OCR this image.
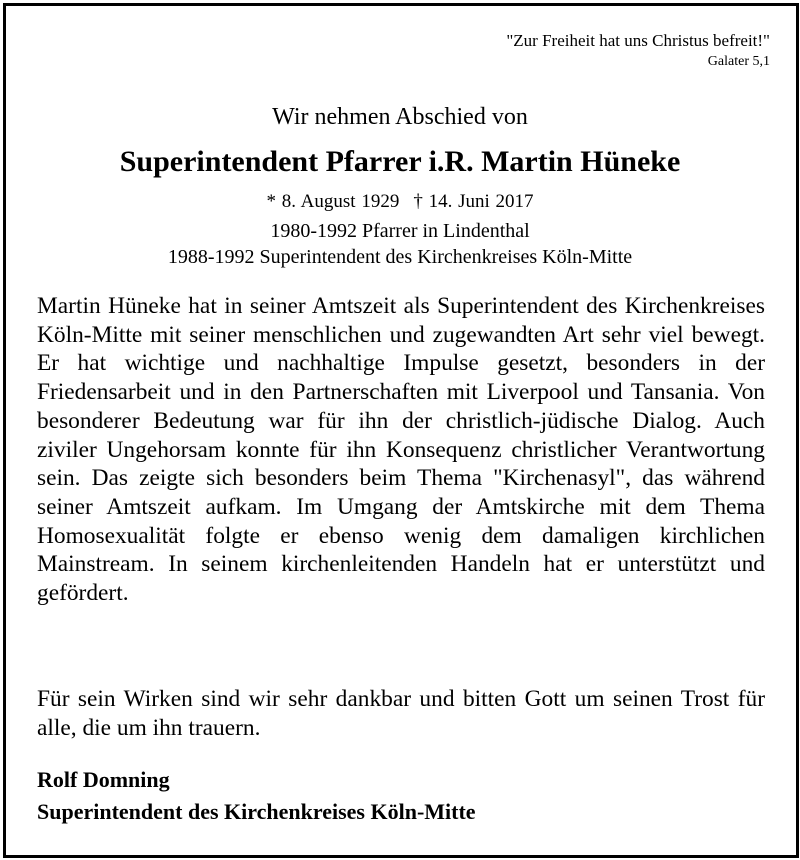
"Zur Freiheit hat uns Christus befreit!"
Galater 5,1
Wir nehmen Abschied von
Superintendent Pfarrer i.R. Martin Hüneke
* 8. August 1929 † 14. Juni 2017
1980-1992 Pfarrer in Lindenthal
1988-1992 Superintendent des Kirchenkreises Köln-Mitte

Martin Hüneke hat in seiner Amtszeit als Superintendent des Kirchenkreises Köln-Mitte mit seiner menschlichen und zugewandten Art sehr viel bewegt. Er hat wichtige und nachhaltige Impulse gesetzt, besonders in der Friedensarbeit und in den Partnerschaften mit Liverpool und Tansania. Von besonderer Bedeutung war für ihn der christlich-jüdische Dialog. Auch ziviler Ungehorsam konnte für ihn Konsequenz christlicher Verantwortung sein. Das zeigte sich besonders beim Thema "Kirchenasyl", das während seiner Amtszeit aufkam. Im Umgang der Amtskirche mit dem Thema Homosexualität folgte er ebenso wenig dem damaligen kirchlichen Mainstream. In seinem kirchenleitenden Handeln hat er unterstützt und gefördert.

Für sein Wirken sind wir sehr dankbar und bitten Gott um seinen Trost für alle, die um ihn trauern.

Rolf Domning
Superintendent des Kirchenkreises Köln-Mitte
